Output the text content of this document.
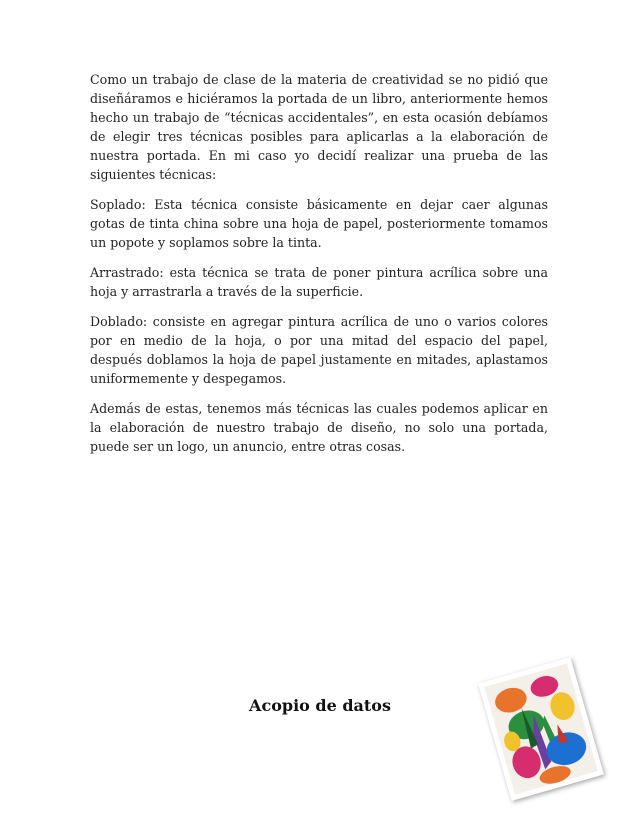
Como un trabajo de clase de la materia de creatividad se no pidió que diseñáramos e hiciéramos la portada de un libro, anteriormente hemos hecho un trabajo de “técnicas accidentales”, en esta ocasión debíamos de elegir tres técnicas posibles para aplicarlas a la elaboración de nuestra portada. En mi caso yo decidí realizar una prueba de las siguientes técnicas:

Soplado: Esta técnica consiste básicamente en dejar caer algunas gotas de tinta china sobre una hoja de papel, posteriormente tomamos un popote y soplamos sobre la tinta.

Arrastrado: esta técnica se trata de poner pintura acrílica sobre una hoja y arrastrarla a través de la superficie.

Doblado: consiste en agregar pintura acrílica de uno o varios colores por en medio de la hoja, o por una mitad del espacio del papel, después doblamos la hoja de papel justamente en mitades, aplastamos uniformemente y despegamos.

Además de estas, tenemos más técnicas las cuales podemos aplicar en la elaboración de nuestro trabajo de diseño, no solo una portada, puede ser un logo, un anuncio, entre otras cosas.

Acopio de datos
